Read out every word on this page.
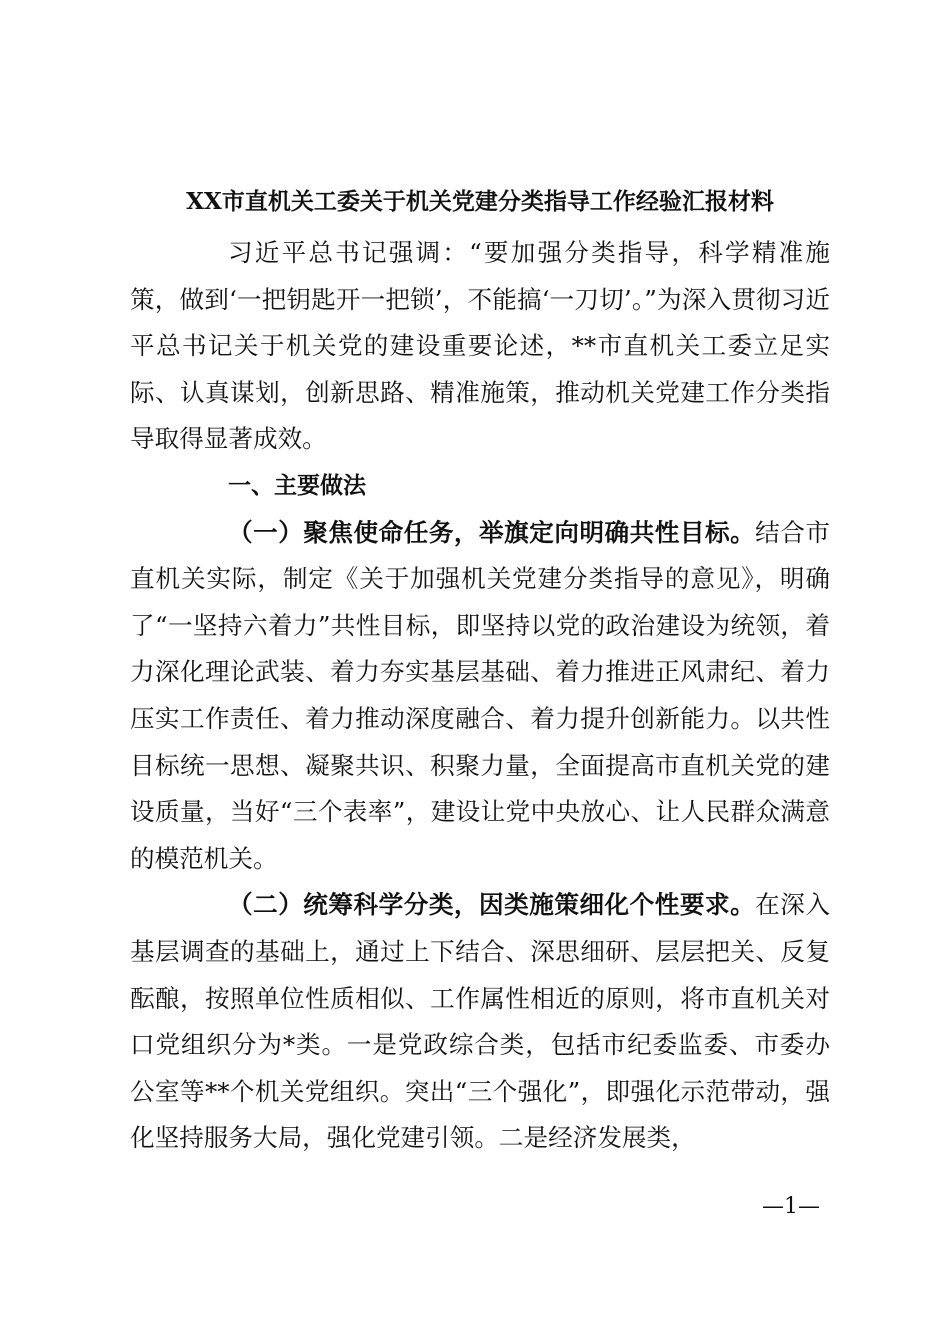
XX市直机关工委关于机关党建分类指导工作经验汇报材料

习近平总书记强调：“要加强分类指导，科学精准施策，做到‘一把钥匙开一把锁’，不能搞‘一刀切’。”为深入贯彻习近平总书记关于机关党的建设重要论述，**市直机关工委立足实际、认真谋划，创新思路、精准施策，推动机关党建工作分类指导取得显著成效。

一、主要做法

（一）聚焦使命任务，举旗定向明确共性目标。结合市直机关实际，制定《关于加强机关党建分类指导的意见》，明确了“一坚持六着力”共性目标，即坚持以党的政治建设为统领，着力深化理论武装、着力夯实基层基础、着力推进正风肃纪、着力压实工作责任、着力推动深度融合、着力提升创新能力。以共性目标统一思想、凝聚共识、积聚力量，全面提高市直机关党的建设质量，当好“三个表率”，建设让党中央放心、让人民群众满意的模范机关。

（二）统筹科学分类，因类施策细化个性要求。在深入基层调查的基础上，通过上下结合、深思细研、层层把关、反复酝酿，按照单位性质相似、工作属性相近的原则，将市直机关对口党组织分为*类。一是党政综合类，包括市纪委监委、市委办公室等**个机关党组织。突出“三个强化”，即强化示范带动，强化坚持服务大局，强化党建引领。二是经济发展类，

—1—
